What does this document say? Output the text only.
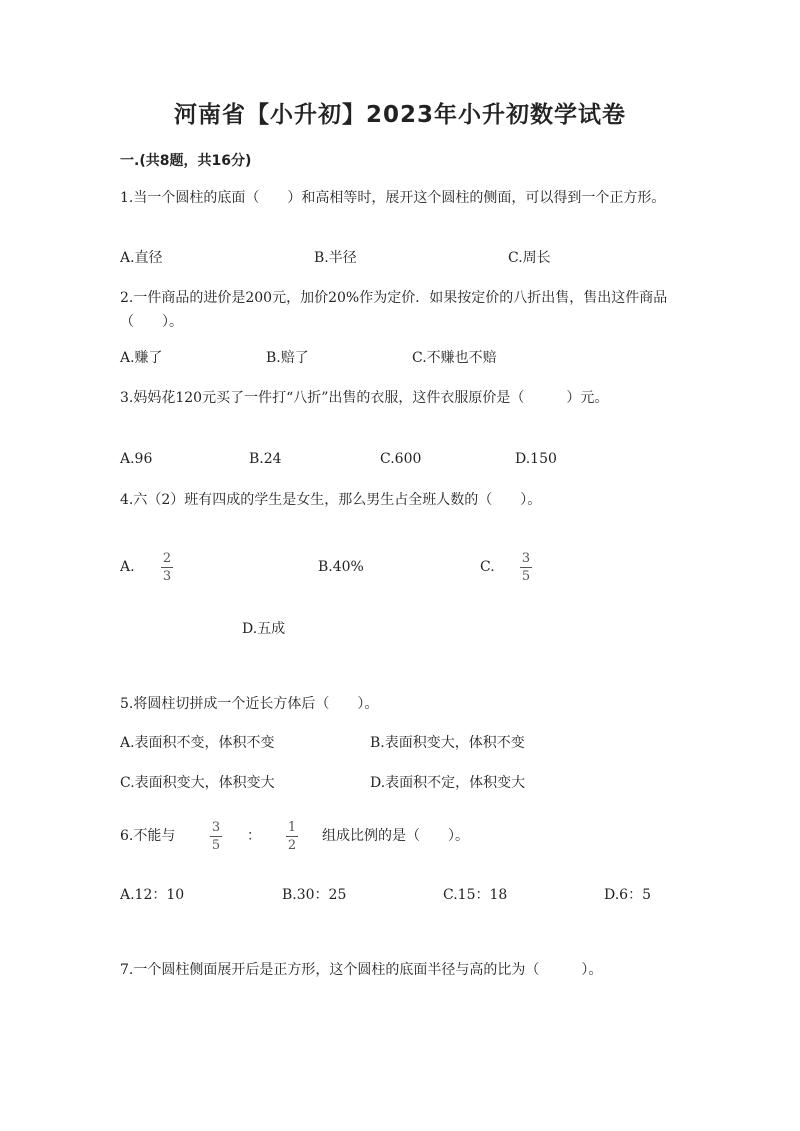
河南省【小升初】2023年小升初数学试卷
一.(共8题，共16分)
1.当一个圆柱的底面（　　）和高相等时，展开这个圆柱的侧面，可以得到一个正方形。
A.直径	B.半径	C.周长
2.一件商品的进价是200元，加价20%作为定价．如果按定价的八折出售，售出这件商品（　　）。
A.赚了	B.赔了	C.不赚也不赔
3.妈妈花120元买了一件打“八折”出售的衣服，这件衣服原价是（　　　）元。
A.96	B.24	C.600	D.150
4.六（2）班有四成的学生是女生，那么男生占全班人数的（　　）。
A.
2
3
B.40%	C.
3
5
D.五成
5.将圆柱切拼成一个近长方体后（　　）。
A.表面积不变，体积不变	B.表面积变大，体积不变
C.表面积变大，体积变大	D.表面积不定，体积变大
6.不能与
3
5
：
1
2
组成比例的是（　　）。
A.12：10	B.30：25	C.15：18	D.6：5
7.一个圆柱侧面展开后是正方形，这个圆柱的底面半径与高的比为（　　　）。
